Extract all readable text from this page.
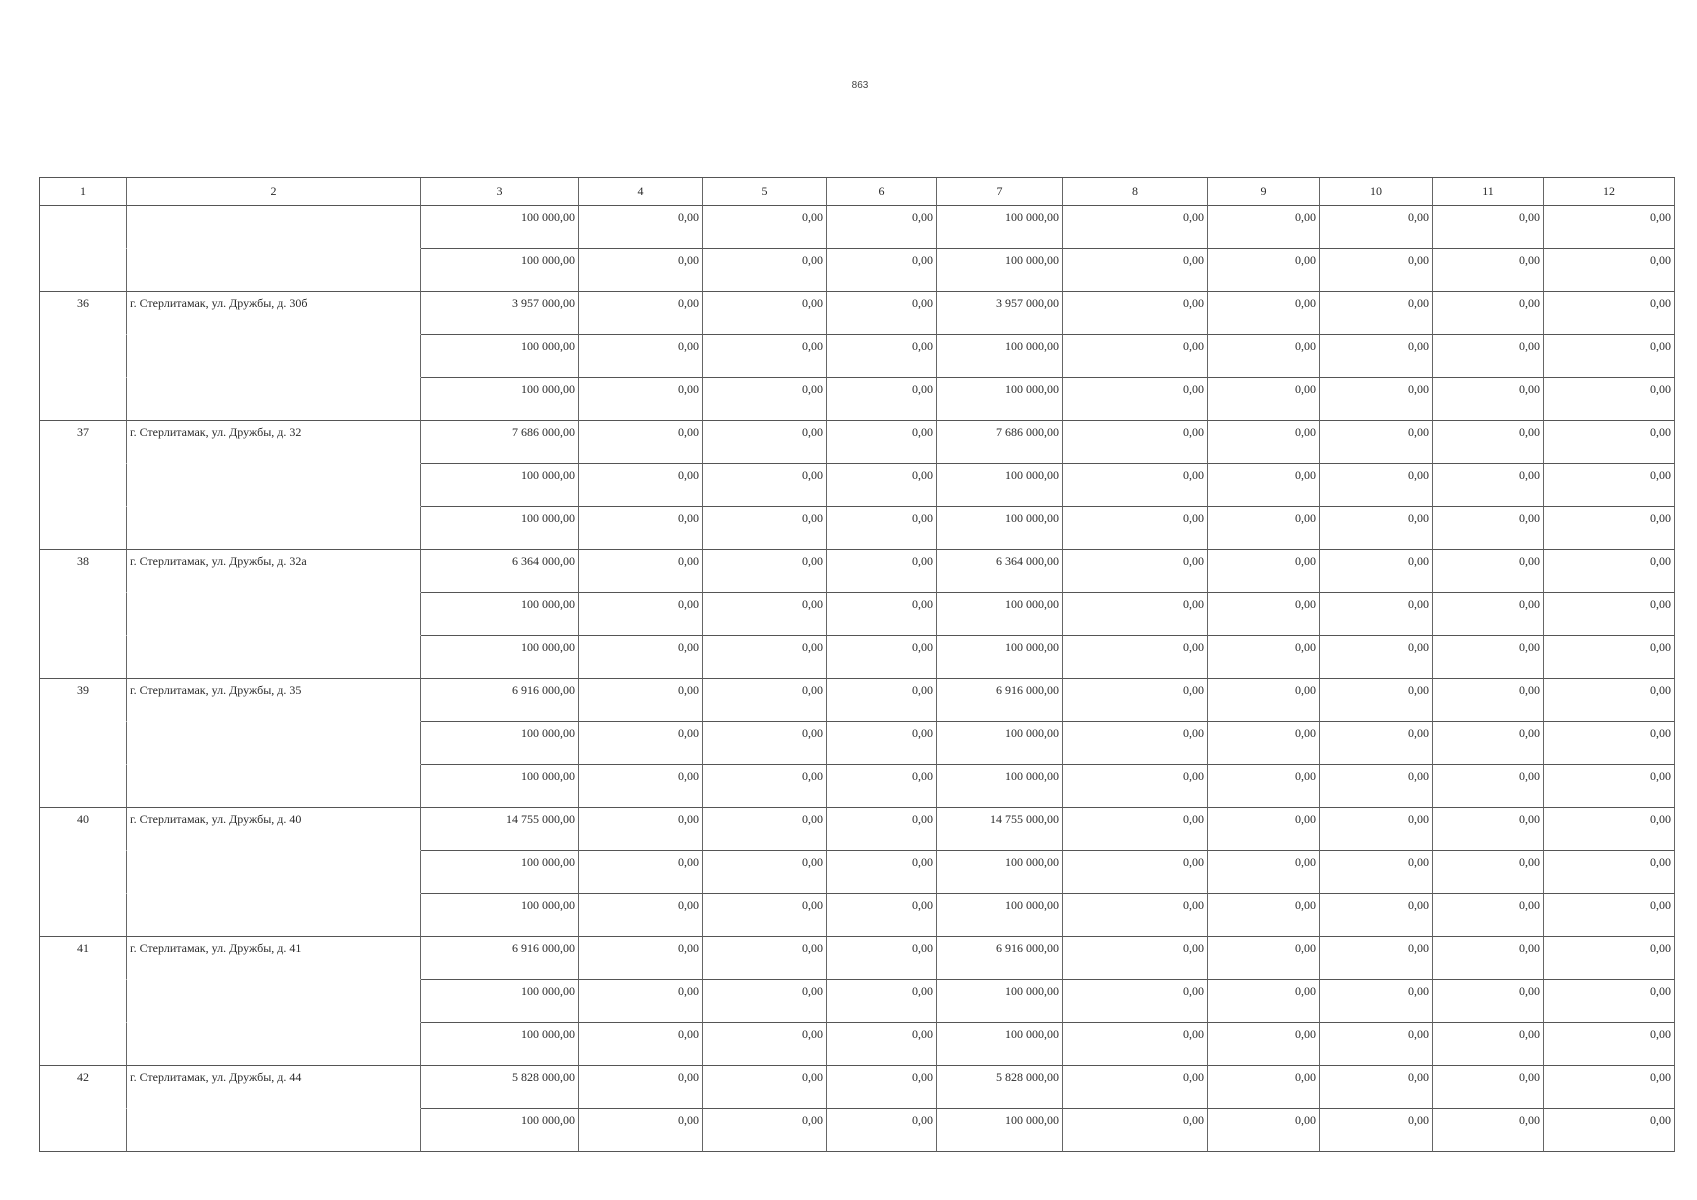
863
1	2	3	4	5	6	7	8	9	10	11	12
100 000,00	0,00	0,00	0,00	100 000,00	0,00	0,00	0,00	0,00	0,00
100 000,00	0,00	0,00	0,00	100 000,00	0,00	0,00	0,00	0,00	0,00
36	г. Стерлитамак, ул. Дружбы, д. 30б	3 957 000,00	0,00	0,00	0,00	3 957 000,00	0,00	0,00	0,00	0,00	0,00
100 000,00	0,00	0,00	0,00	100 000,00	0,00	0,00	0,00	0,00	0,00
100 000,00	0,00	0,00	0,00	100 000,00	0,00	0,00	0,00	0,00	0,00
37	г. Стерлитамак, ул. Дружбы, д. 32	7 686 000,00	0,00	0,00	0,00	7 686 000,00	0,00	0,00	0,00	0,00	0,00
100 000,00	0,00	0,00	0,00	100 000,00	0,00	0,00	0,00	0,00	0,00
100 000,00	0,00	0,00	0,00	100 000,00	0,00	0,00	0,00	0,00	0,00
38	г. Стерлитамак, ул. Дружбы, д. 32а	6 364 000,00	0,00	0,00	0,00	6 364 000,00	0,00	0,00	0,00	0,00	0,00
100 000,00	0,00	0,00	0,00	100 000,00	0,00	0,00	0,00	0,00	0,00
100 000,00	0,00	0,00	0,00	100 000,00	0,00	0,00	0,00	0,00	0,00
39	г. Стерлитамак, ул. Дружбы, д. 35	6 916 000,00	0,00	0,00	0,00	6 916 000,00	0,00	0,00	0,00	0,00	0,00
100 000,00	0,00	0,00	0,00	100 000,00	0,00	0,00	0,00	0,00	0,00
100 000,00	0,00	0,00	0,00	100 000,00	0,00	0,00	0,00	0,00	0,00
40	г. Стерлитамак, ул. Дружбы, д. 40	14 755 000,00	0,00	0,00	0,00	14 755 000,00	0,00	0,00	0,00	0,00	0,00
100 000,00	0,00	0,00	0,00	100 000,00	0,00	0,00	0,00	0,00	0,00
100 000,00	0,00	0,00	0,00	100 000,00	0,00	0,00	0,00	0,00	0,00
41	г. Стерлитамак, ул. Дружбы, д. 41	6 916 000,00	0,00	0,00	0,00	6 916 000,00	0,00	0,00	0,00	0,00	0,00
100 000,00	0,00	0,00	0,00	100 000,00	0,00	0,00	0,00	0,00	0,00
100 000,00	0,00	0,00	0,00	100 000,00	0,00	0,00	0,00	0,00	0,00
42	г. Стерлитамак, ул. Дружбы, д. 44	5 828 000,00	0,00	0,00	0,00	5 828 000,00	0,00	0,00	0,00	0,00	0,00
100 000,00	0,00	0,00	0,00	100 000,00	0,00	0,00	0,00	0,00	0,00
